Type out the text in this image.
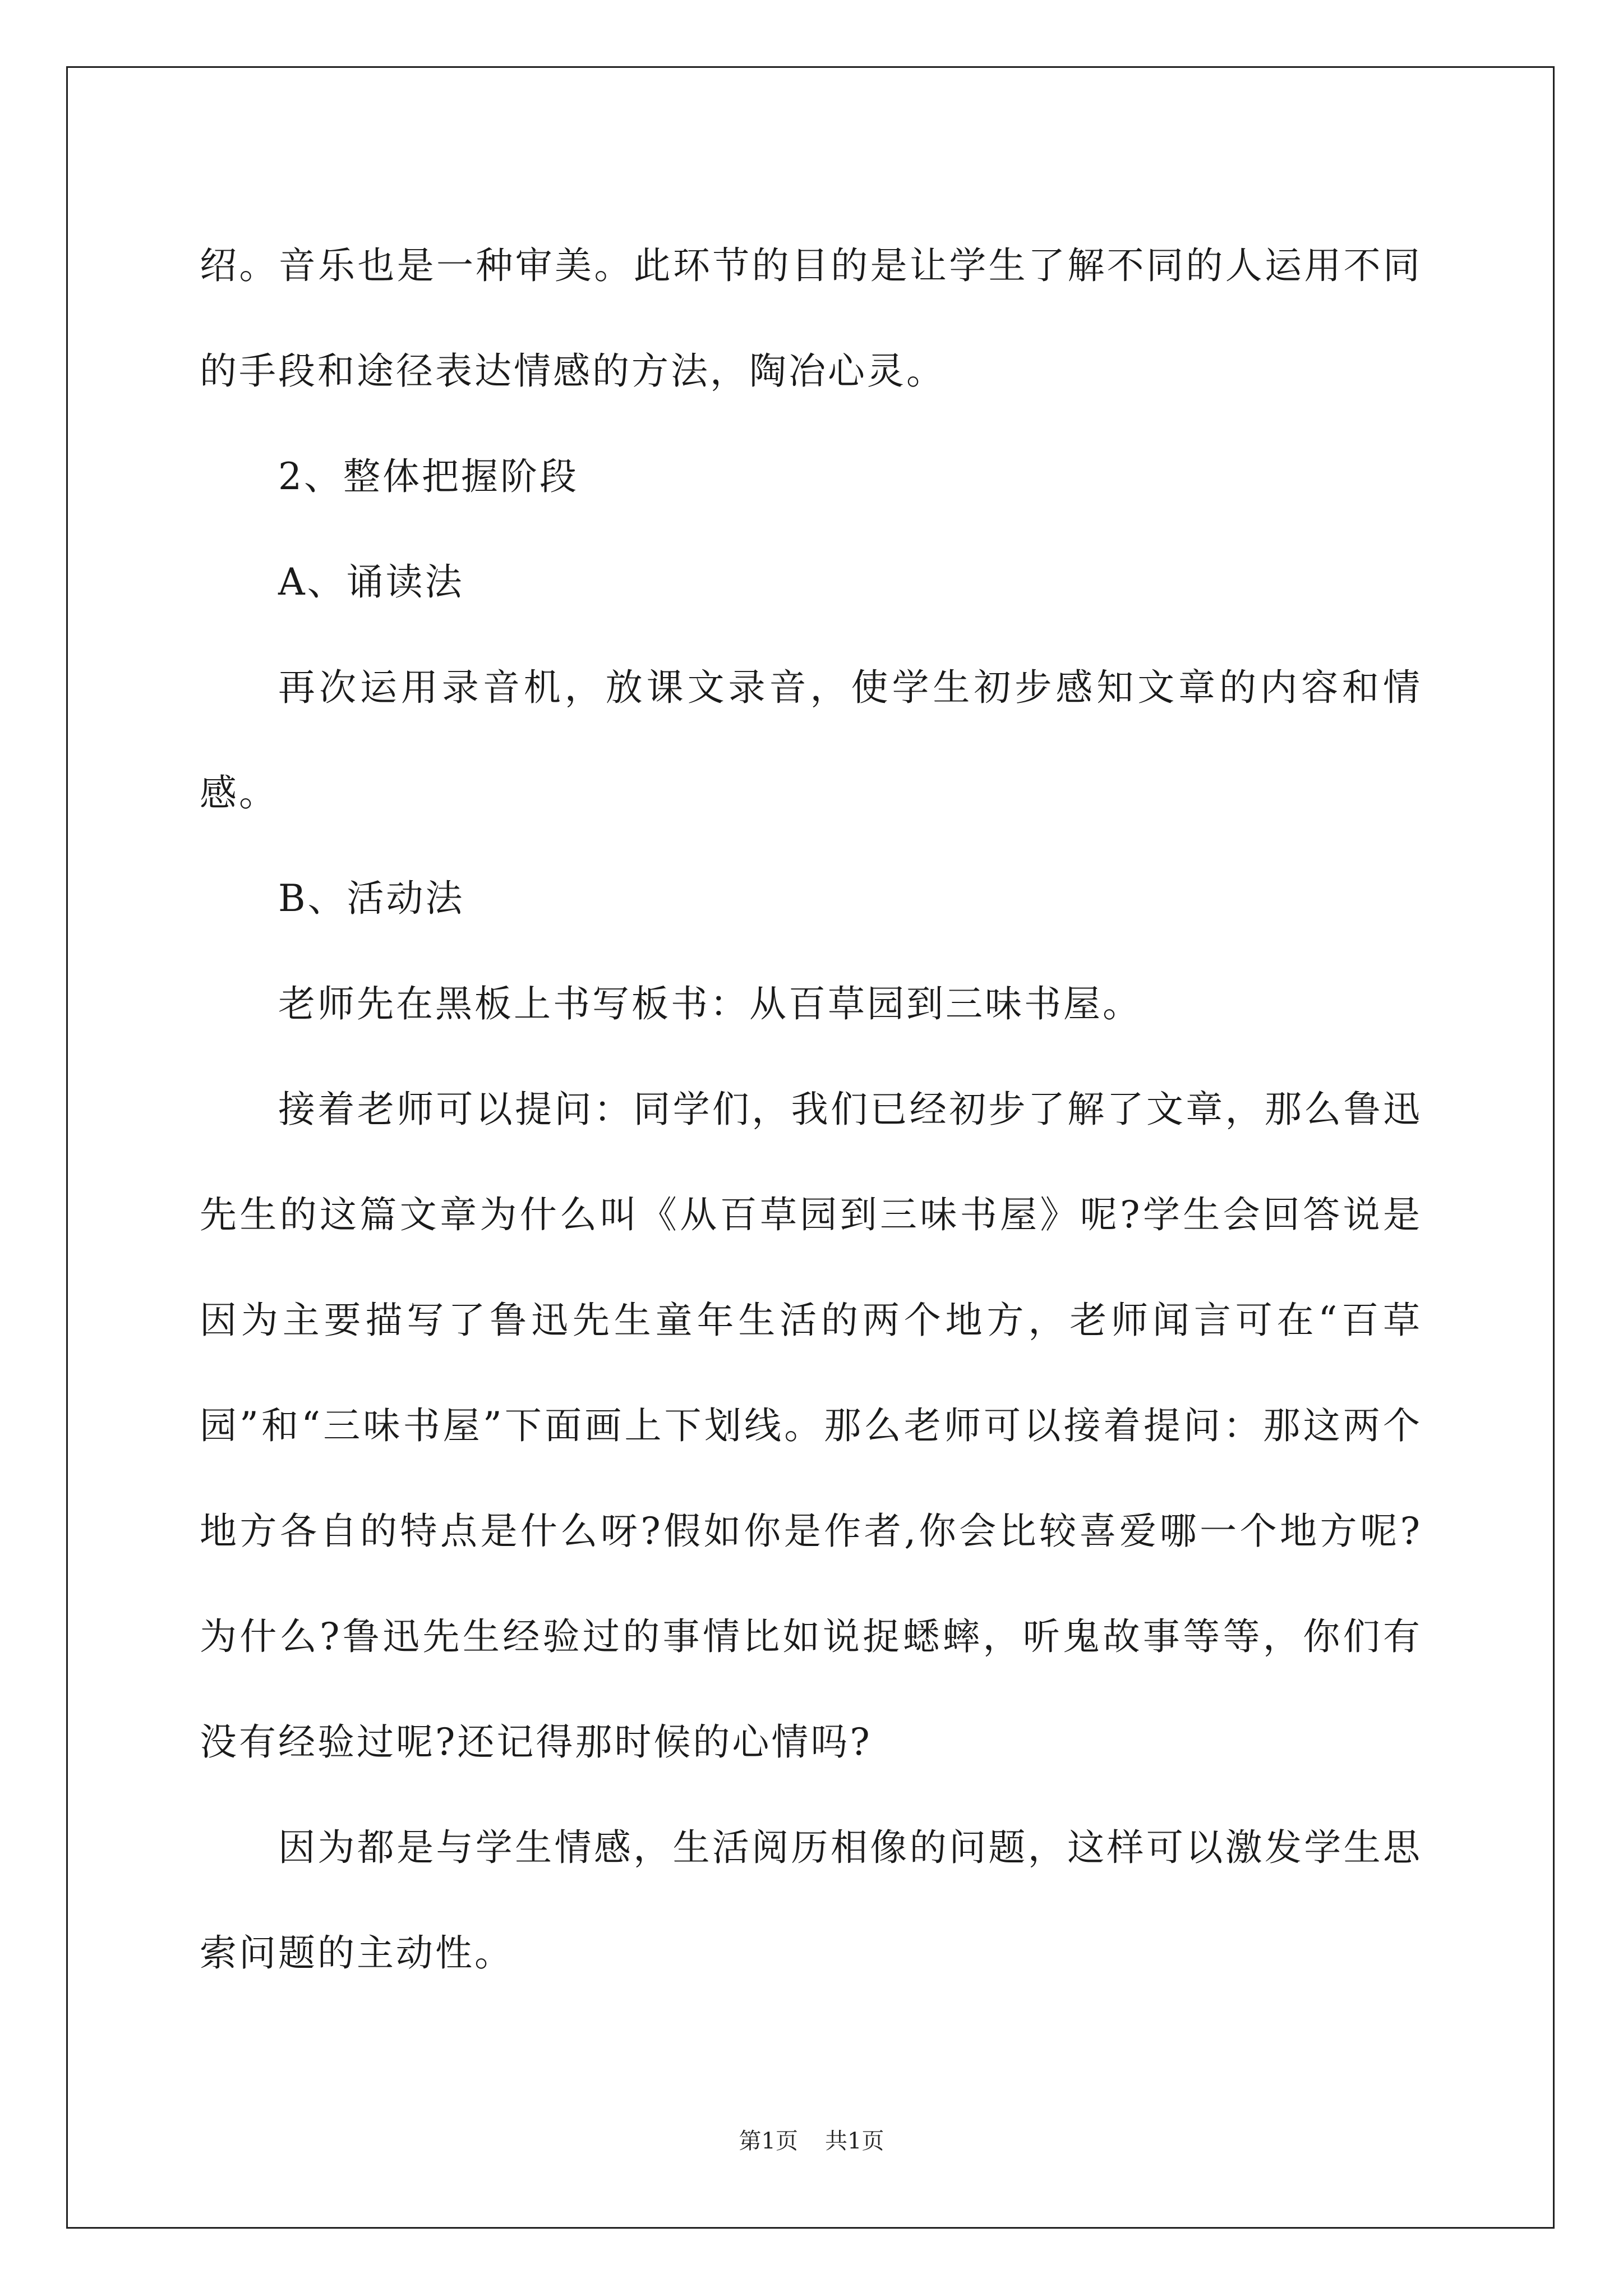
绍。音乐也是一种审美。此环节的目的是让学生了解不同的人运用不同的手段和途径表达情感的方法，陶冶心灵。

2、整体把握阶段

A、诵读法

再次运用录音机，放课文录音，使学生初步感知文章的内容和情感。

B、活动法

老师先在黑板上书写板书：从百草园到三味书屋。

接着老师可以提问：同学们，我们已经初步了解了文章，那么鲁迅先生的这篇文章为什么叫《从百草园到三味书屋》呢?学生会回答说是因为主要描写了鲁迅先生童年生活的两个地方，老师闻言可在“百草园”和“三味书屋”下面画上下划线。那么老师可以接着提问：那这两个地方各自的特点是什么呀?假如你是作者,你会比较喜爱哪一个地方呢?为什么?鲁迅先生经验过的事情比如说捉蟋蟀，听鬼故事等等，你们有没有经验过呢?还记得那时候的心情吗?

因为都是与学生情感，生活阅历相像的问题，这样可以激发学生思索问题的主动性。

第1页 共1页
